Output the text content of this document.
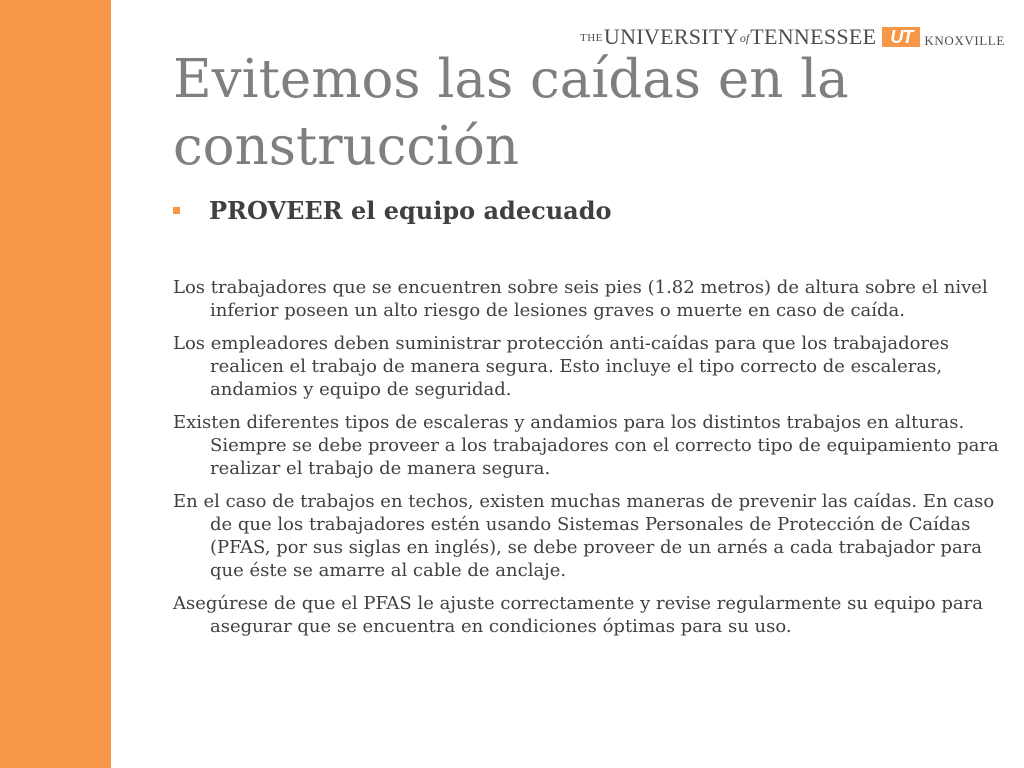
THE UNIVERSITY of TENNESSEE UT KNOXVILLE
Evitemos las caídas en la construcción
PROVEER el equipo adecuado

Los trabajadores que se encuentren sobre seis pies (1.82 metros) de altura sobre el nivel inferior poseen un alto riesgo de lesiones graves o muerte en caso de caída.

Los empleadores deben suministrar protección anti-caídas para que los trabajadores realicen el trabajo de manera segura. Esto incluye el tipo correcto de escaleras, andamios y equipo de seguridad.

Existen diferentes tipos de escaleras y andamios para los distintos trabajos en alturas. Siempre se debe proveer a los trabajadores con el correcto tipo de equipamiento para realizar el trabajo de manera segura.

En el caso de trabajos en techos, existen muchas maneras de prevenir las caídas. En caso de que los trabajadores estén usando Sistemas Personales de Protección de Caídas (PFAS, por sus siglas en inglés), se debe proveer de un arnés a cada trabajador para que éste se amarre al cable de anclaje.

Asegúrese de que el PFAS le ajuste correctamente y revise regularmente su equipo para asegurar que se encuentra en condiciones óptimas para su uso.
